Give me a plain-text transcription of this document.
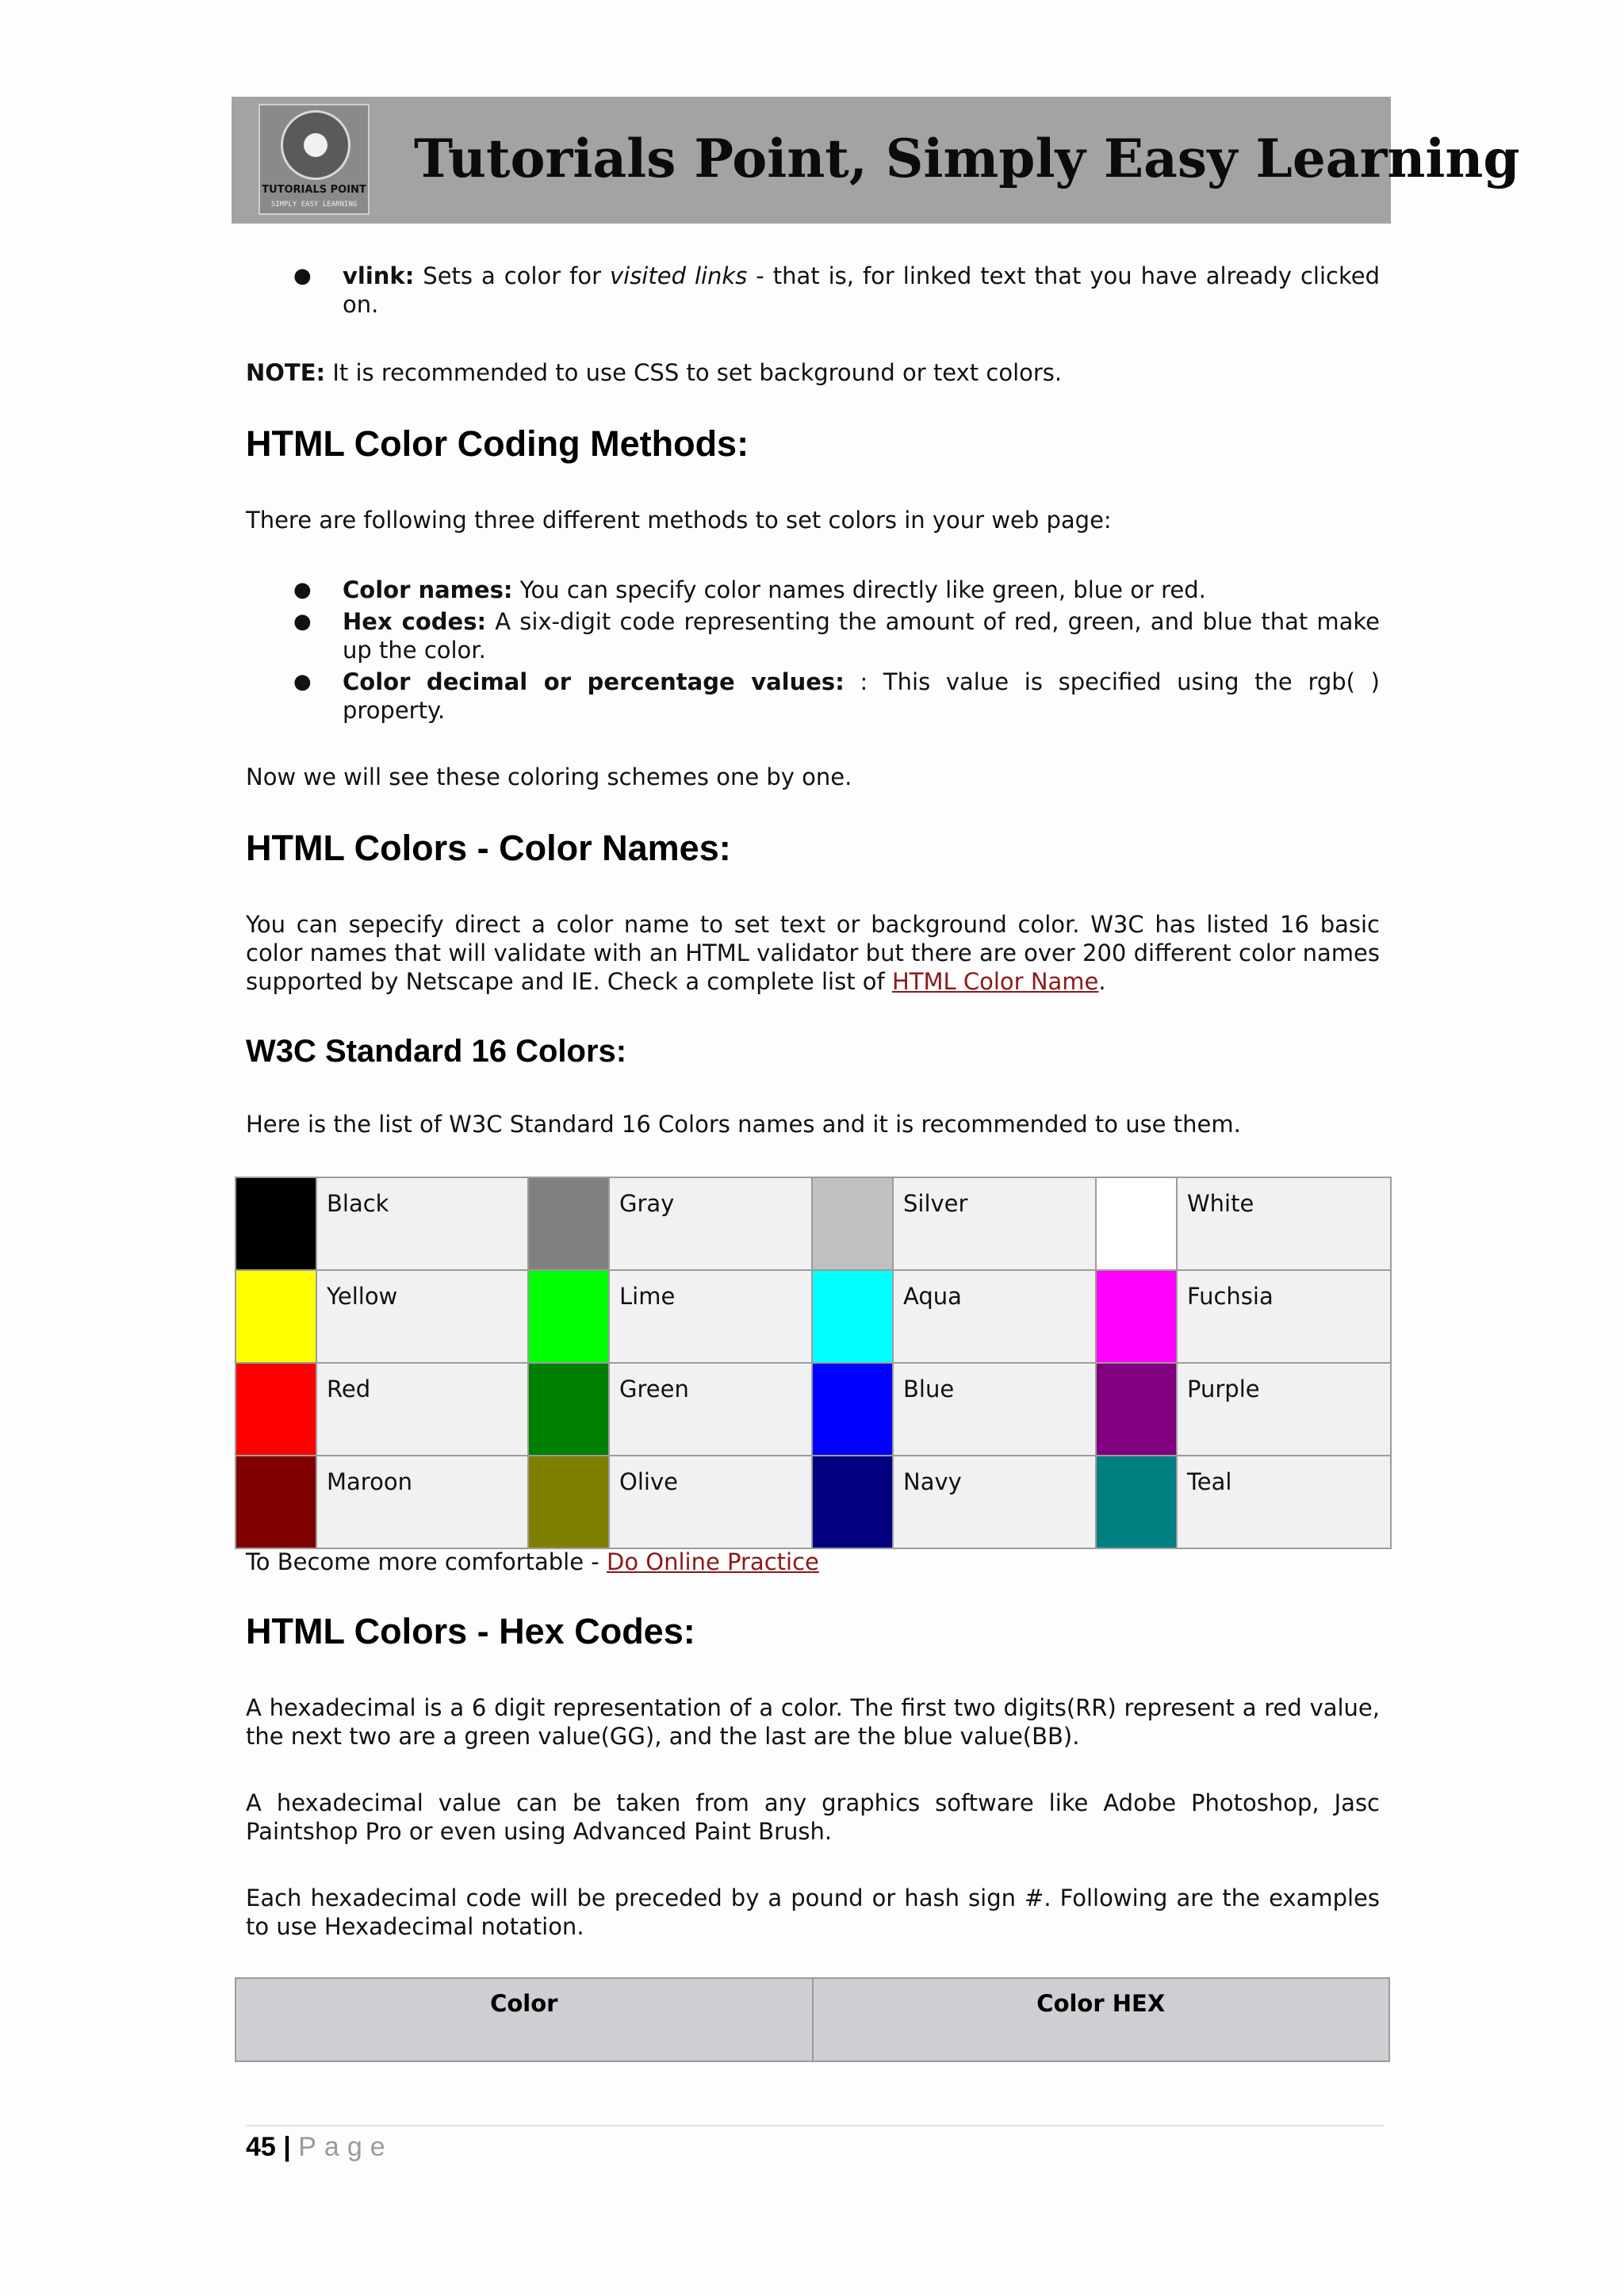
TUTORIALS POINT
SIMPLY EASY LEARNING
Tutorials Point, Simply Easy Learning
● vlink: Sets a color for visited links - that is, for linked text that you have already clicked on.
NOTE: It is recommended to use CSS to set background or text colors.
HTML Color Coding Methods:
There are following three different methods to set colors in your web page:
● Color names: You can specify color names directly like green, blue or red.
● Hex codes: A six-digit code representing the amount of red, green, and blue that make up the color.
● Color decimal or percentage values: : This value is specified using the rgb( ) property.
Now we will see these coloring schemes one by one.
HTML Colors - Color Names:
You can sepecify direct a color name to set text or background color. W3C has listed 16 basic color names that will validate with an HTML validator but there are over 200 different color names supported by Netscape and IE. Check a complete list of HTML Color Name.
W3C Standard 16 Colors:
Here is the list of W3C Standard 16 Colors names and it is recommended to use them.
	Black		Gray		Silver		White
	Yellow		Lime		Aqua		Fuchsia
	Red		Green		Blue		Purple
	Maroon		Olive		Navy		Teal
To Become more comfortable - Do Online Practice
HTML Colors - Hex Codes:
A hexadecimal is a 6 digit representation of a color. The first two digits(RR) represent a red value, the next two are a green value(GG), and the last are the blue value(BB).
A hexadecimal value can be taken from any graphics software like Adobe Photoshop, Jasc Paintshop Pro or even using Advanced Paint Brush.
Each hexadecimal code will be preceded by a pound or hash sign #. Following are the examples to use Hexadecimal notation.
Color	Color HEX
45 | Page
